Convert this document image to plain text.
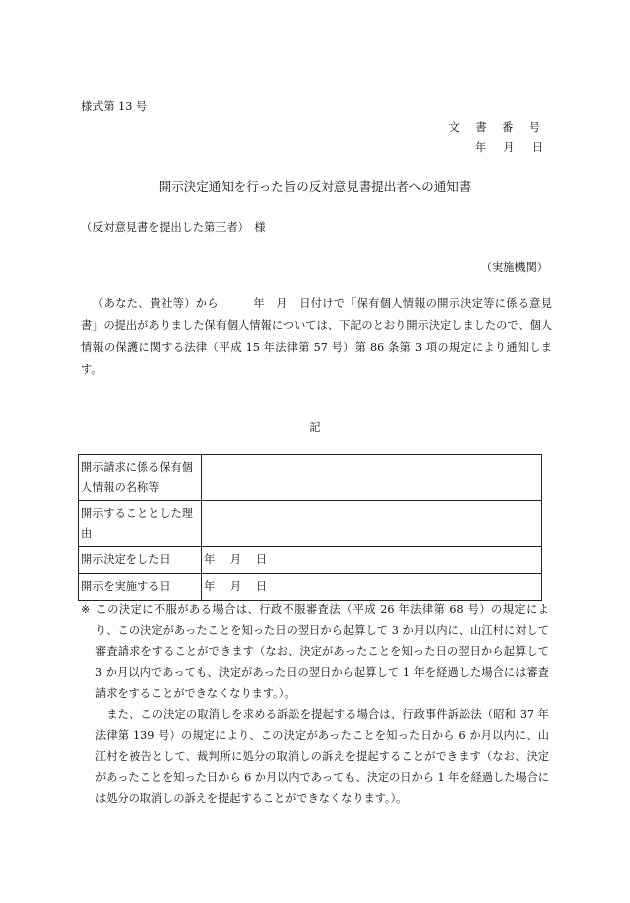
様式第 13 号
文 書 番 号
年　月　日
開示決定通知を行った旨の反対意見書提出者への通知書
（反対意見書を提出した第三者）　様
（実施機関）
（あなた、貴社等）から　　　年　月　日付けで「保有個人情報の開示決定等に係る意見書」の提出がありました保有個人情報については、下記のとおり開示決定しましたので、個人情報の保護に関する法律（平成 15 年法律第 57 号）第 86 条第 3 項の規定により通知します。
記
開示請求に係る保有個人情報の名称等	
開示することとした理由	
開示決定をした日	年　 月　 日
開示を実施する日	年　 月　 日

※ この決定に不服がある場合は、行政不服審査法（平成 26 年法律第 68 号）の規定により、この決定があったことを知った日の翌日から起算して 3 か月以内に、山江村に対して審査請求をすることができます（なお、決定があったことを知った日の翌日から起算して 3 か月以内であっても、決定があった日の翌日から起算して 1 年を経過した場合には審査請求をすることができなくなります。）。

また、この決定の取消しを求める訴訟を提起する場合は、行政事件訴訟法（昭和 37 年法律第 139 号）の規定により、この決定があったことを知った日から 6 か月以内に、山江村を被告として、裁判所に処分の取消しの訴えを提起することができます（なお、決定があったことを知った日から 6 か月以内であっても、決定の日から 1 年を経過した場合には処分の取消しの訴えを提起することができなくなります。）。
